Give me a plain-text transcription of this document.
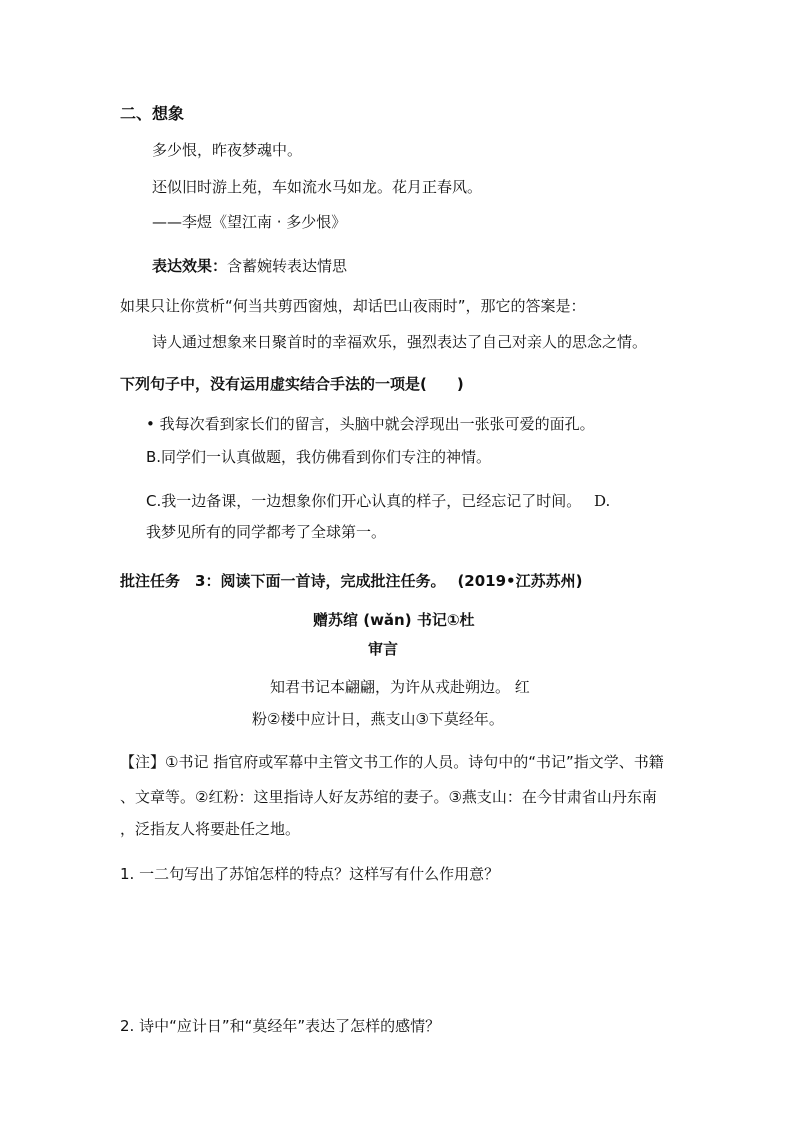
二、想象
多少恨，昨夜梦魂中。
还似旧时游上苑，车如流水马如龙。花月正春风。
——李煜《望江南 · 多少恨》
表达效果：含蓄婉转表达情思
如果只让你赏析“何当共剪西窗烛，却话巴山夜雨时”，那它的答案是：
诗人通过想象来日聚首时的幸福欢乐，强烈表达了自己对亲人的思念之情。
下列句子中，没有运用虚实结合手法的一项是(　　)
• 我每次看到家长们的留言，头脑中就会浮现出一张张可爱的面孔。
B.同学们一认真做题，我仿佛看到你们专注的神情。
C.我一边备课，一边想象你们开心认真的样子，已经忘记了时间。 D.
我梦见所有的同学都考了全球第一。
批注任务　3：阅读下面一首诗，完成批注任务。 (2019•江苏苏州)
赠苏绾 (wǎn) 书记①杜
审言
知君书记本翩翩，为许从戎赴朔边。 红
粉②楼中应计日，燕支山③下莫经年。
【注】①书记 指官府或军幕中主管文书工作的人员。诗句中的“书记”指文学、书籍
、文章等。②红粉：这里指诗人好友苏绾的妻子。③燕支山：在今甘肃省山丹东南
，泛指友人将要赴任之地。
1. 一二句写出了苏馆怎样的特点？这样写有什么作用意？
2. 诗中“应计日”和“莫经年”表达了怎样的感情？
